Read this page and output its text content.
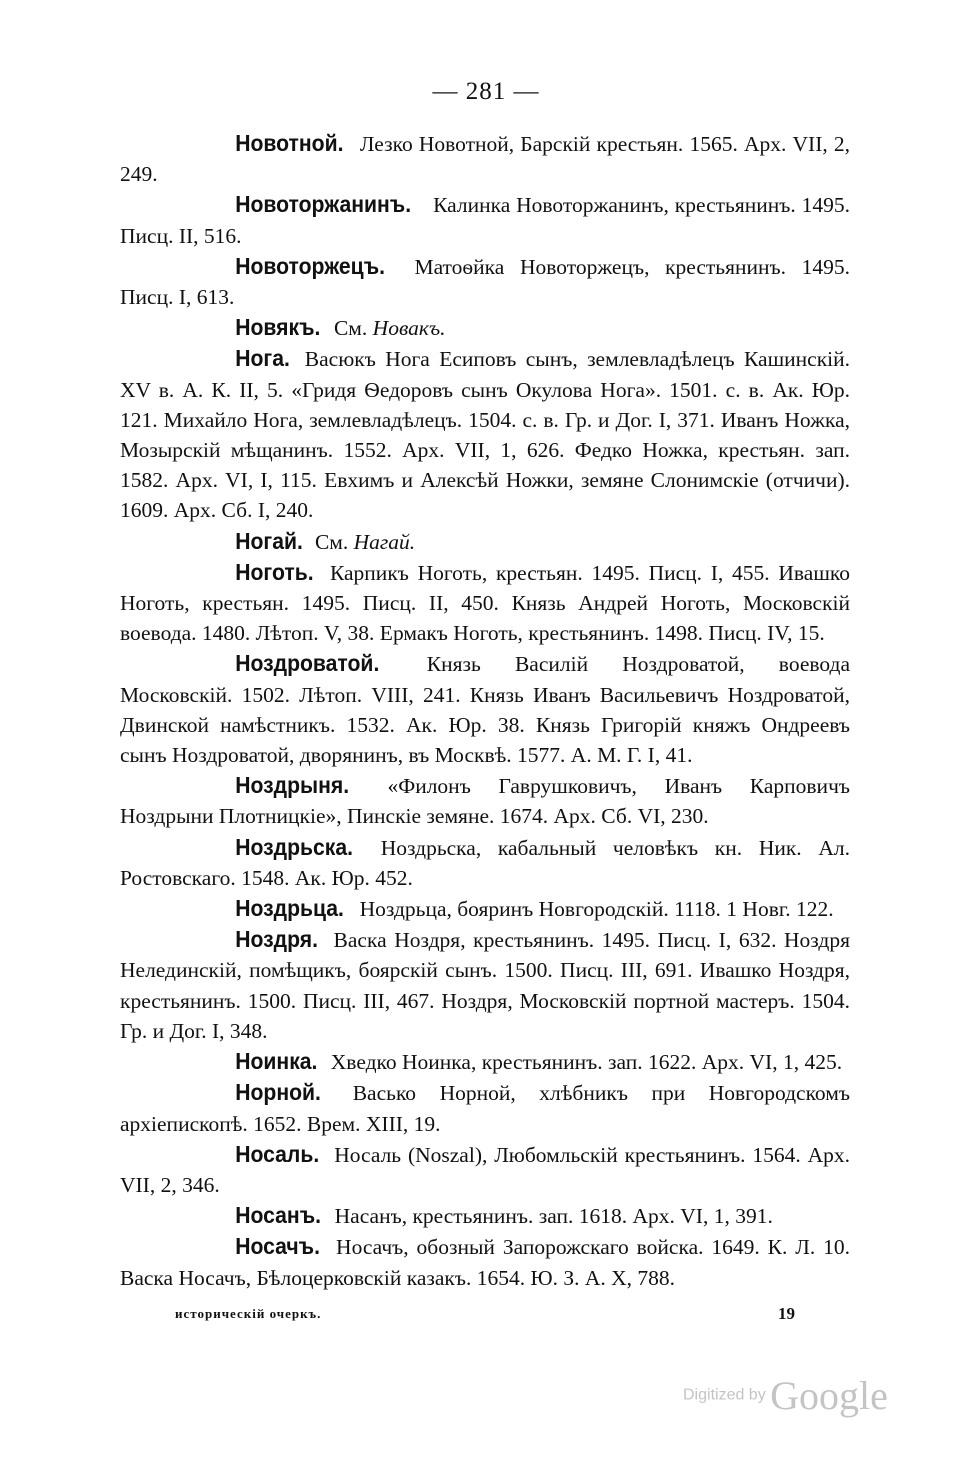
— 281 —

Новотной. Лезко Новотной, Барскій крестьян. 1565. Арх. VII, 2, 249.

Новоторжанинъ. Калинка Новоторжанинъ, крестьянинъ. 1495. Писц. II, 516.

Новоторжецъ. Матоѳйка Новоторжецъ, крестьянинъ. 1495. Писц. I, 613.

Новякъ. См. Новакъ.

Нога. Васюкъ Нога Есиповъ сынъ, землевладѣлецъ Кашинскій. XV в. А. К. II, 5. «Гридя Ѳедоровъ сынъ Окулова Нога». 1501. с. в. Ак. Юр. 121. Михайло Нога, землевладѣлецъ. 1504. с. в. Гр. и Дог. I, 371. Иванъ Ножка, Мозырскій мѣщанинъ. 1552. Арх. VII, 1, 626. Федко Ножка, крестьян. зап. 1582. Арх. VI, I, 115. Евхимъ и Алексѣй Ножки, земяне Слонимскіе (отчичи). 1609. Арх. Сб. I, 240.

Ногай. См. Нагай.

Ноготь. Карпикъ Ноготь, крестьян. 1495. Писц. I, 455. Ивашко Ноготь, крестьян. 1495. Писц. II, 450. Князь Андрей Ноготь, Московскій воевода. 1480. Лѣтоп. V, 38. Ермакъ Ноготь, крестьянинъ. 1498. Писц. IV, 15.

Ноздроватой. Князь Василій Ноздроватой, воевода Московскій. 1502. Лѣтоп. VIII, 241. Князь Иванъ Васильевичъ Ноздроватой, Двинской намѣстникъ. 1532. Ак. Юр. 38. Князь Григорій княжъ Ондреевъ сынъ Ноздроватой, дворянинъ, въ Москвѣ. 1577. А. М. Г. I, 41.

Ноздрыня. «Филонъ Гаврушковичъ, Иванъ Карповичъ Ноздрыни Плотницкіе», Пинскіе земяне. 1674. Арх. Сб. VI, 230.

Ноздрьска. Ноздрьска, кабальный человѣкъ кн. Ник. Ал. Ростовскаго. 1548. Ак. Юр. 452.

Ноздрьца. Ноздрьца, бояринъ Новгородскій. 1118. 1 Новг. 122.

Ноздря. Васка Ноздря, крестьянинъ. 1495. Писц. I, 632. Ноздря Нелединскій, помѣщикъ, боярскій сынъ. 1500. Писц. III, 691. Ивашко Ноздря, крестьянинъ. 1500. Писц. III, 467. Ноздря, Московскій портной мастеръ. 1504. Гр. и Дог. I, 348.

Ноинка. Хведко Ноинка, крестьянинъ. зап. 1622. Арх. VI, 1, 425.

Норной. Васько Норной, хлѣбникъ при Новгородскомъ архіепископѣ. 1652. Врем. XIII, 19.

Носаль. Носаль (Noszal), Любомльскій крестьянинъ. 1564. Арх. VII, 2, 346.

Носанъ. Насанъ, крестьянинъ. зап. 1618. Арх. VI, 1, 391.

Носачъ. Носачъ, обозный Запорожскаго войска. 1649. К. Л. 10. Васка Носачъ, Бѣлоцерковскій казакъ. 1654. Ю. З. А. X, 788.

историческій очеркъ.	19
Digitized by Google
